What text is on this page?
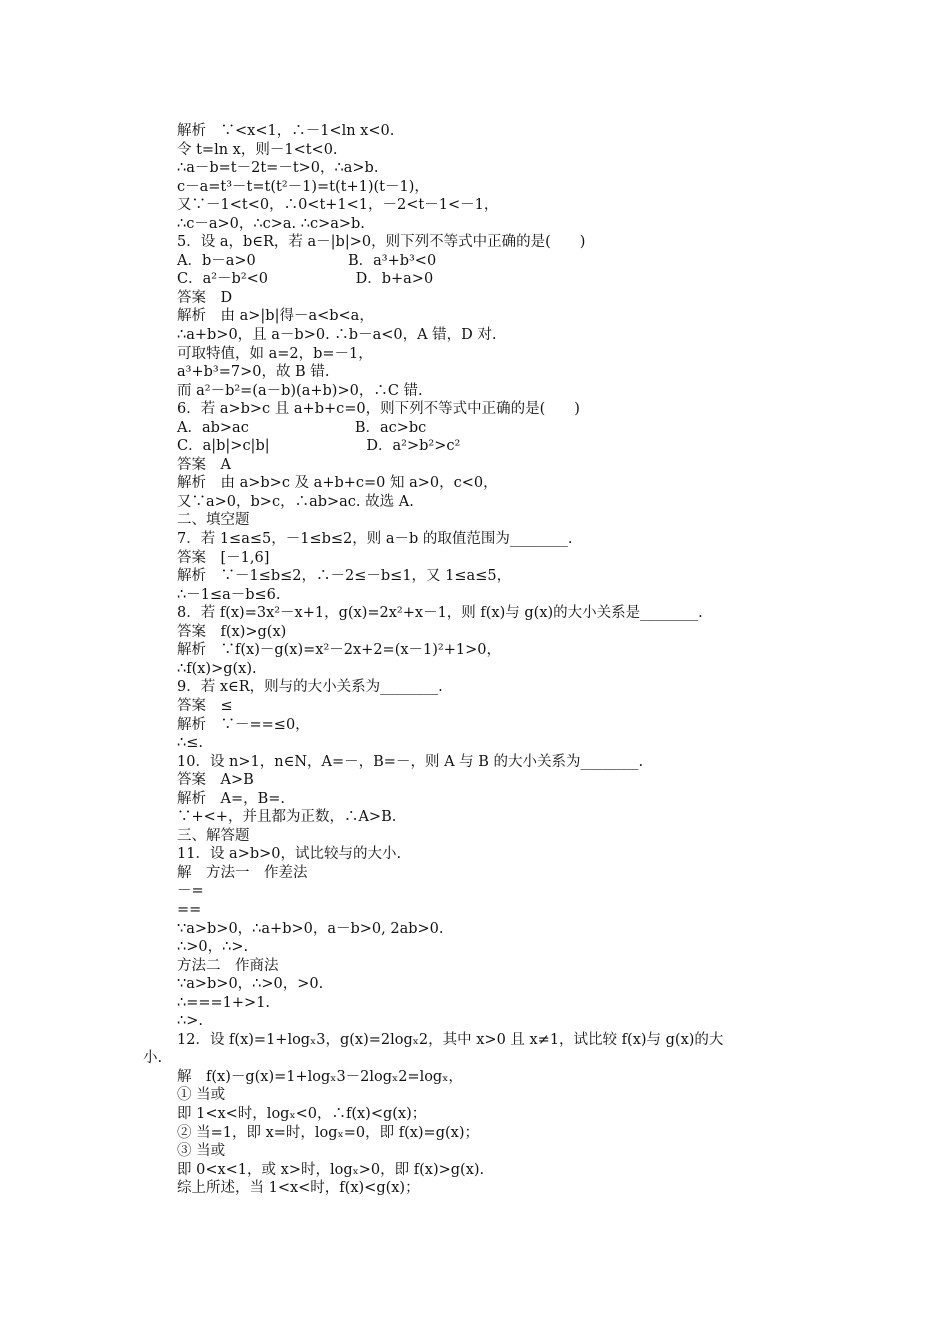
解析　∵<x<1，∴－1<ln x<0.
令 t=ln x，则－1<t<0.
∴a－b=t－2t=－t>0，∴a>b.
c－a=t³－t=t(t²－1)=t(t+1)(t－1)，
又∵－1<t<0，∴0<t+1<1，－2<t－1<－1，
∴c－a>0，∴c>a. ∴c>a>b.
5．设 a，b∈R，若 a－|b|>0，则下列不等式中正确的是(　　)
A．b－a>0                    B．a³+b³<0
C．a²－b²<0                   D．b+a>0
答案　D
解析　由 a>|b|得－a<b<a，
∴a+b>0，且 a－b>0. ∴b－a<0，A 错，D 对.
可取特值，如 a=2，b=－1，
a³+b³=7>0，故 B 错.
而 a²－b²=(a－b)(a+b)>0，∴C 错.
6．若 a>b>c 且 a+b+c=0，则下列不等式中正确的是(　　)
A．ab>ac                       B．ac>bc
C．a|b|>c|b|                     D．a²>b²>c²
答案　A
解析　由 a>b>c 及 a+b+c=0 知 a>0，c<0，
又∵a>0，b>c，∴ab>ac. 故选 A.
二、填空题
7．若 1≤a≤5，－1≤b≤2，则 a－b 的取值范围为________.
答案　[－1,6]
解析　∵－1≤b≤2，∴－2≤－b≤1，又 1≤a≤5，
∴－1≤a－b≤6.
8．若 f(x)=3x²－x+1，g(x)=2x²+x－1，则 f(x)与 g(x)的大小关系是________.
答案　f(x)>g(x)
解析　∵f(x)－g(x)=x²－2x+2=(x－1)²+1>0，
∴f(x)>g(x).
9．若 x∈R，则与的大小关系为________.
答案　≤
解析　∵－==≤0，
∴≤.
10．设 n>1，n∈N，A=－，B=－，则 A 与 B 的大小关系为________.
答案　A>B
解析　A=，B=.
∵+<+，并且都为正数，∴A>B.
三、解答题
11．设 a>b>0，试比较与的大小.
解　方法一　作差法
－=
==
∵a>b>0，∴a+b>0，a－b>0, 2ab>0.
∴>0，∴>.
方法二　作商法
∵a>b>0，∴>0，>0.
∴===1+>1.
∴>.
12．设 f(x)=1+logₓ3，g(x)=2logₓ2，其中 x>0 且 x≠1，试比较 f(x)与 g(x)的大
小.
解　f(x)－g(x)=1+logₓ3－2logₓ2=logₓ，
① 当或
即 1<x<时，logₓ<0，∴f(x)<g(x)；
② 当=1，即 x=时，logₓ=0，即 f(x)=g(x)；
③ 当或
即 0<x<1，或 x>时，logₓ>0，即 f(x)>g(x).
综上所述，当 1<x<时，f(x)<g(x)；
